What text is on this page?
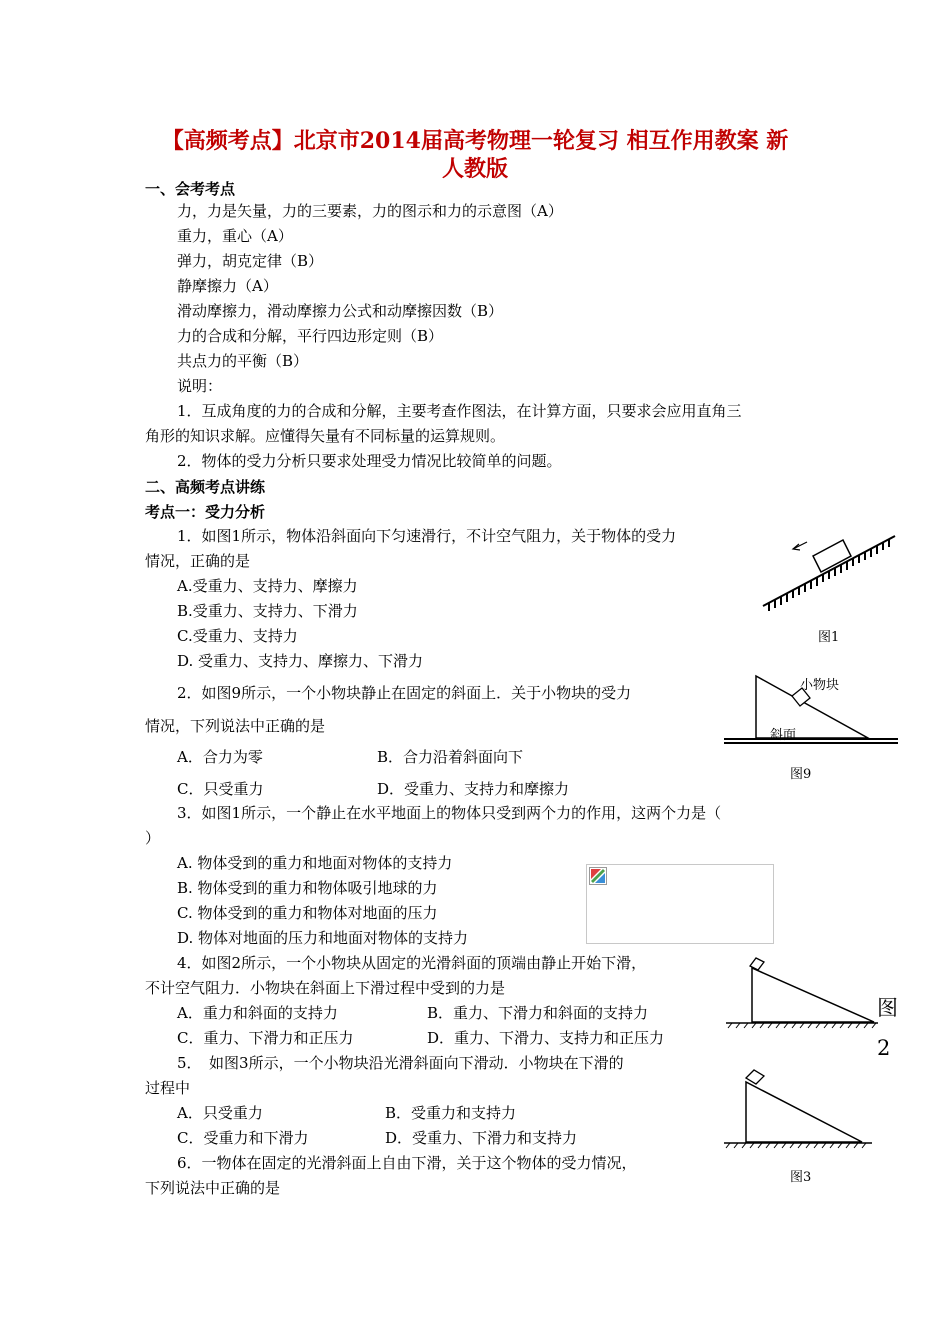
【高频考点】北京市2014届高考物理一轮复习 相互作用教案 新
人教版
一、会考考点
力，力是矢量，力的三要素，力的图示和力的示意图（A）
重力，重心（A）
弹力，胡克定律（B）
静摩擦力（A）
滑动摩擦力，滑动摩擦力公式和动摩擦因数（B）
力的合成和分解，平行四边形定则（B）
共点力的平衡（B）
说明：
1．互成角度的力的合成和分解，主要考查作图法，在计算方面，只要求会应用直角三
角形的知识求解。应懂得矢量有不同标量的运算规则。
2．物体的受力分析只要求处理受力情况比较简单的问题。
二、高频考点讲练
考点一：受力分析
1．如图1所示，物体沿斜面向下匀速滑行，不计空气阻力，关于物体的受力
情况，正确的是
A.受重力、支持力、摩擦力
B.受重力、支持力、下滑力
C.受重力、支持力
D. 受重力、支持力、摩擦力、下滑力
图1
2．如图9所示，一个小物块静止在固定的斜面上．关于小物块的受力
情况，下列说法中正确的是
A．合力为零	B．合力沿着斜面向下
C．只受重力	D．受重力、支持力和摩擦力
小物块
斜面
图9
3．如图1所示，一个静止在水平地面上的物体只受到两个力的作用，这两个力是（
）
A. 物体受到的重力和地面对物体的支持力
B. 物体受到的重力和物体吸引地球的力
C. 物体受到的重力和物体对地面的压力
D. 物体对地面的压力和地面对物体的支持力
4．如图2所示，一个小物块从固定的光滑斜面的顶端由静止开始下滑，
不计空气阻力．小物块在斜面上下滑过程中受到的力是
A．重力和斜面的支持力	B．重力、下滑力和斜面的支持力
C．重力、下滑力和正压力	D．重力、下滑力、支持力和正压力
图
2
5．　如图3所示，一个小物块沿光滑斜面向下滑动．小物块在下滑的
过程中
A．只受重力	B．受重力和支持力
C．受重力和下滑力	D．受重力、下滑力和支持力
图3
6．一物体在固定的光滑斜面上自由下滑，关于这个物体的受力情况，
下列说法中正确的是
